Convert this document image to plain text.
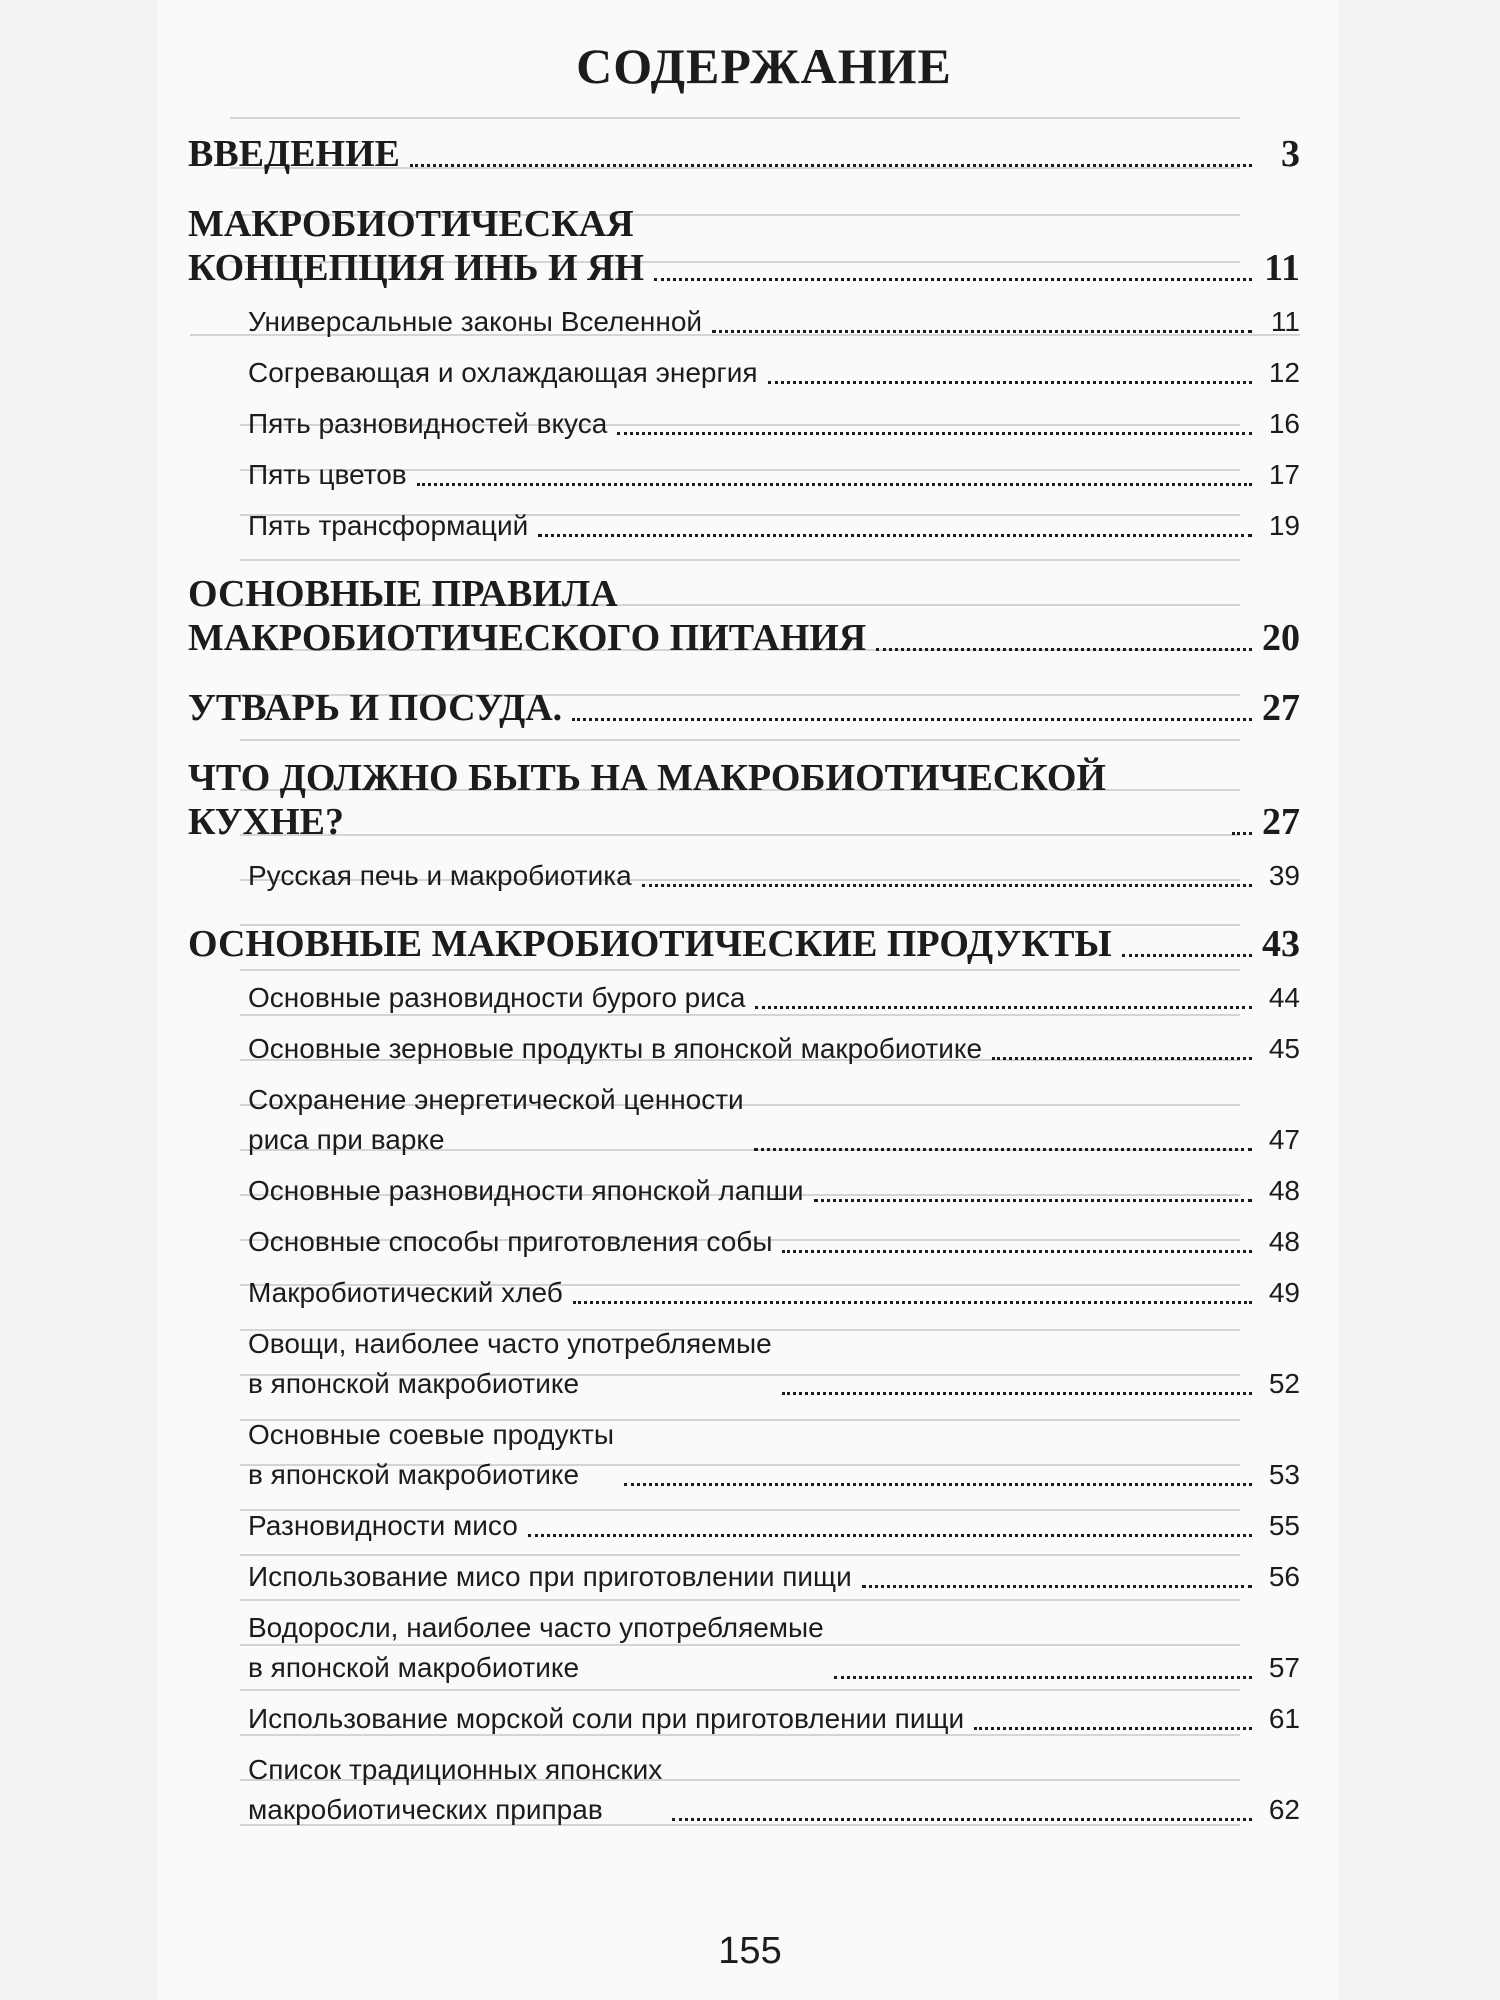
СОДЕРЖАНИЕ
ВВЕДЕНИЕ	3
МАКРОБИОТИЧЕСКАЯ
КОНЦЕПЦИЯ ИНЬ И ЯН	11
Универсальные законы Вселенной	11
Согревающая и охлаждающая энергия	12
Пять разновидностей вкуса	16
Пять цветов	17
Пять трансформаций	19
ОСНОВНЫЕ ПРАВИЛА
МАКРОБИОТИЧЕСКОГО ПИТАНИЯ	20
УТВАРЬ И ПОСУДА.	27
ЧТО ДОЛЖНО БЫТЬ НА МАКРОБИОТИЧЕСКОЙ КУХНЕ?	27
Русская печь и макробиотика	39
ОСНОВНЫЕ МАКРОБИОТИЧЕСКИЕ ПРОДУКТЫ	43
Основные разновидности бурого риса	44
Основные зерновые продукты в японской макробиотике	45
Сохранение энергетической ценности
риса при варке	47
Основные разновидности японской лапши	48
Основные способы приготовления собы	48
Макробиотический хлеб	49
Овощи, наиболее часто употребляемые
в японской макробиотике	52
Основные соевые продукты
в японской макробиотике	53
Разновидности мисо	55
Использование мисо при приготовлении пищи	56
Водоросли, наиболее часто употребляемые
в японской макробиотике	57
Использование морской соли при приготовлении пищи	61
Список традиционных японских
макробиотических приправ	62
155
